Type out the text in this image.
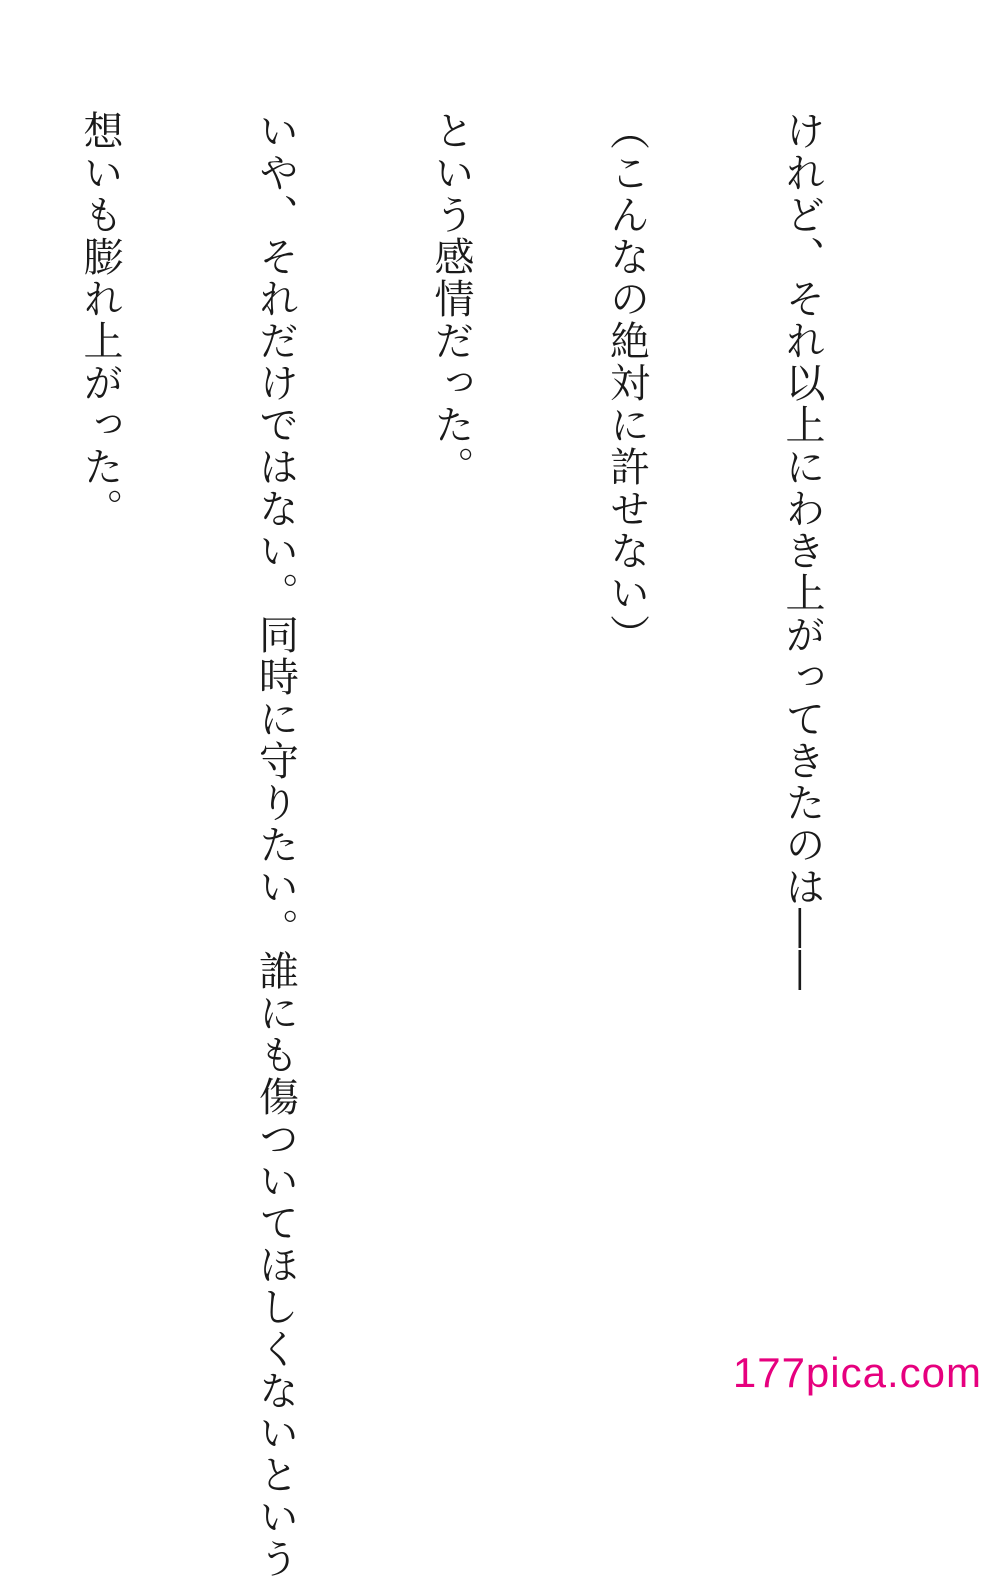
けれど、それ以上にわき上がってきたのは――

（こんなの絶対に許せない）

という感情だった。

いや、それだけではない。同時に守りたい。誰にも傷ついてほしくないという

想いも膨れ上がった。

177pica.com
